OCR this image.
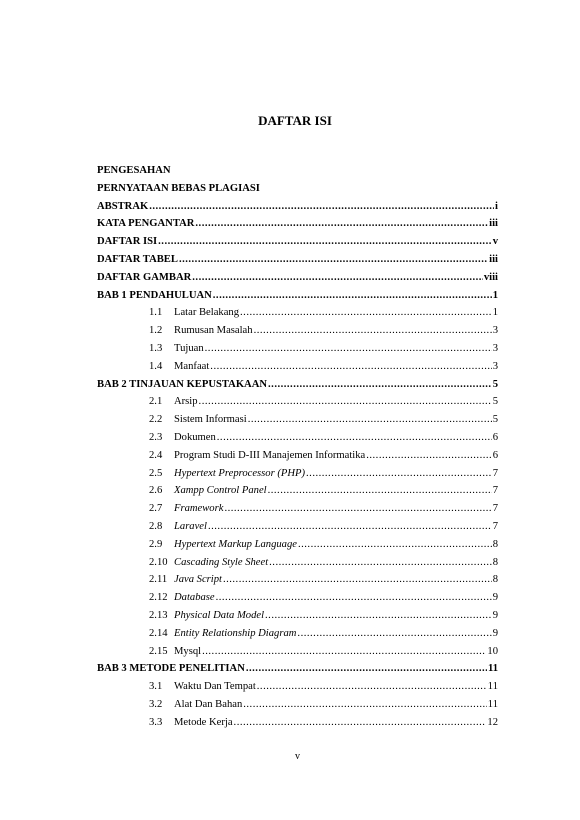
DAFTAR ISI
PENGESAHAN
PERNYATAAN BEBAS PLAGIASI
ABSTRAK .....	i
KATA PENGANTAR .....	iii
DAFTAR ISI .....	v
DAFTAR TABEL .....	iii
DAFTAR GAMBAR .....	viii
BAB 1 PENDAHULUAN .....	1
1.1	Latar Belakang .....	1
1.2	Rumusan Masalah .....	3
1.3	Tujuan .....	3
1.4	Manfaat .....	3
BAB 2 TINJAUAN KEPUSTAKAAN .....	5
2.1	Arsip .....	5
2.2	Sistem Informasi .....	5
2.3	Dokumen .....	6
2.4	Program Studi D-III Manajemen Informatika .....	6
2.5	Hypertext Preprocessor (PHP) .....	7
2.6	Xampp Control Panel .....	7
2.7	Framework .....	7
2.8	Laravel .....	7
2.9	Hypertext Markup Language .....	8
2.10 Cascading Style Sheet .....	8
2.11 Java Script .....	8
2.12 Database .....	9
2.13 Physical Data Model .....	9
2.14 Entity Relationship Diagram .....	9
2.15 Mysql .....	10
BAB 3 METODE PENELITIAN .....	11
3.1	Waktu Dan Tempat .....	11
3.2	Alat Dan Bahan .....	11
3.3	Metode Kerja .....	12
v
